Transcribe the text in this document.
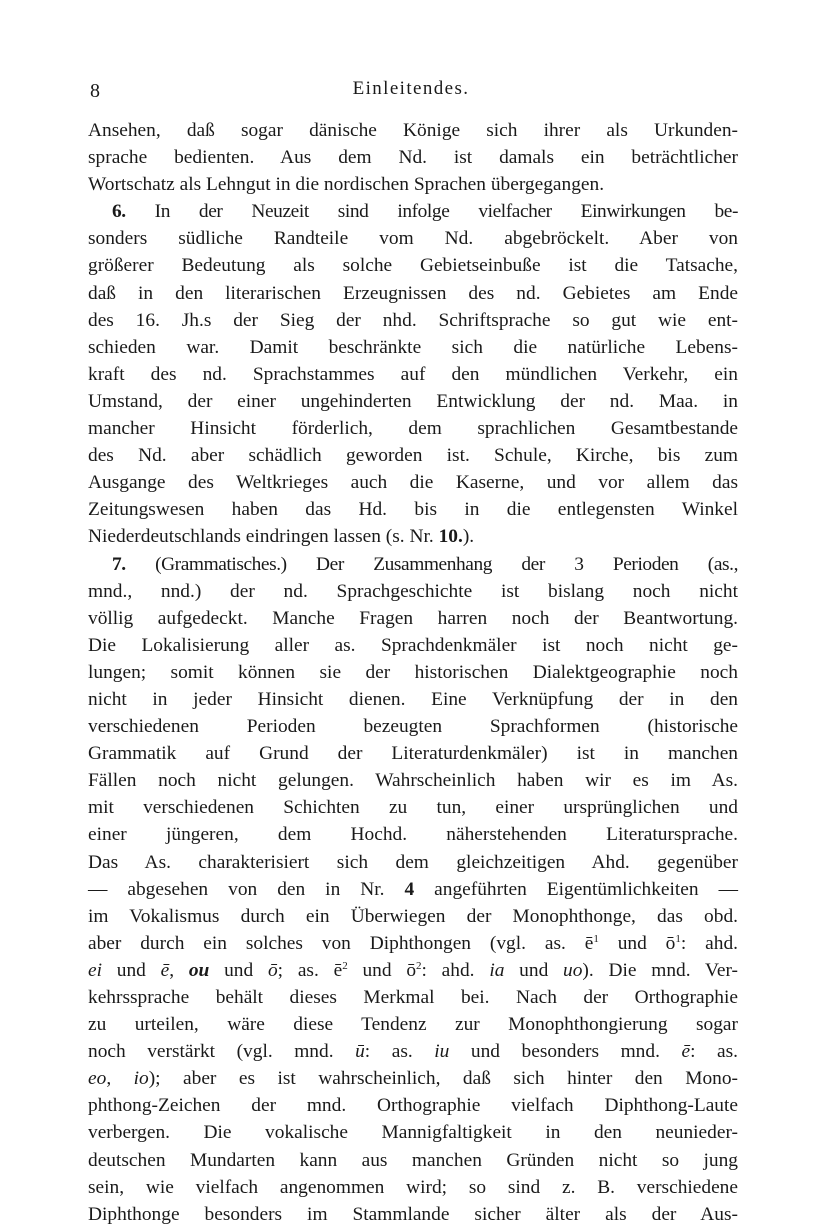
8	Einleitendes.
Ansehen, daß sogar dänische Könige sich ihrer als Urkunden-
sprache bedienten. Aus dem Nd. ist damals ein beträchtlicher
Wortschatz als Lehngut in die nordischen Sprachen übergegangen.
6. In der Neuzeit sind infolge vielfacher Einwirkungen be-
sonders südliche Randteile vom Nd. abgebröckelt. Aber von
größerer Bedeutung als solche Gebietseinbuße ist die Tatsache,
daß in den literarischen Erzeugnissen des nd. Gebietes am Ende
des 16. Jh.s der Sieg der nhd. Schriftsprache so gut wie ent-
schieden war. Damit beschränkte sich die natürliche Lebens-
kraft des nd. Sprachstammes auf den mündlichen Verkehr, ein
Umstand, der einer ungehinderten Entwicklung der nd. Maa. in
mancher Hinsicht förderlich, dem sprachlichen Gesamtbestande
des Nd. aber schädlich geworden ist. Schule, Kirche, bis zum
Ausgange des Weltkrieges auch die Kaserne, und vor allem das
Zeitungswesen haben das Hd. bis in die entlegensten Winkel
Niederdeutschlands eindringen lassen (s. Nr. 10.).
7. (Grammatisches.) Der Zusammenhang der 3 Perioden (as.,
mnd., nnd.) der nd. Sprachgeschichte ist bislang noch nicht
völlig aufgedeckt. Manche Fragen harren noch der Beantwortung.
Die Lokalisierung aller as. Sprachdenkmäler ist noch nicht ge-
lungen; somit können sie der historischen Dialektgeographie noch
nicht in jeder Hinsicht dienen. Eine Verknüpfung der in den
verschiedenen Perioden bezeugten Sprachformen (historische
Grammatik auf Grund der Literaturdenkmäler) ist in manchen
Fällen noch nicht gelungen. Wahrscheinlich haben wir es im As.
mit verschiedenen Schichten zu tun, einer ursprünglichen und
einer jüngeren, dem Hochd. näherstehenden Literatursprache.
Das As. charakterisiert sich dem gleichzeitigen Ahd. gegenüber
— abgesehen von den in Nr. 4 angeführten Eigentümlichkeiten —
im Vokalismus durch ein Überwiegen der Monophthonge, das obd.
aber durch ein solches von Diphthongen (vgl. as. $ē^1$ und $ō^1$: ahd.
ei und ē, ou und ō; as. $ē^2$ und $ō^2$: ahd. ia und uo). Die mnd. Ver-
kehrssprache behält dieses Merkmal bei. Nach der Orthographie
zu urteilen, wäre diese Tendenz zur Monophthongierung sogar
noch verstärkt (vgl. mnd. ū: as. iu und besonders mnd. ē: as.
eo, io); aber es ist wahrscheinlich, daß sich hinter den Mono-
phthong-Zeichen der mnd. Orthographie vielfach Diphthong-Laute
verbergen. Die vokalische Mannigfaltigkeit in den neunieder-
deutschen Mundarten kann aus manchen Gründen nicht so jung
sein, wie vielfach angenommen wird; so sind z. B. verschiedene
Diphthonge besonders im Stammlande sicher älter als der Aus-
